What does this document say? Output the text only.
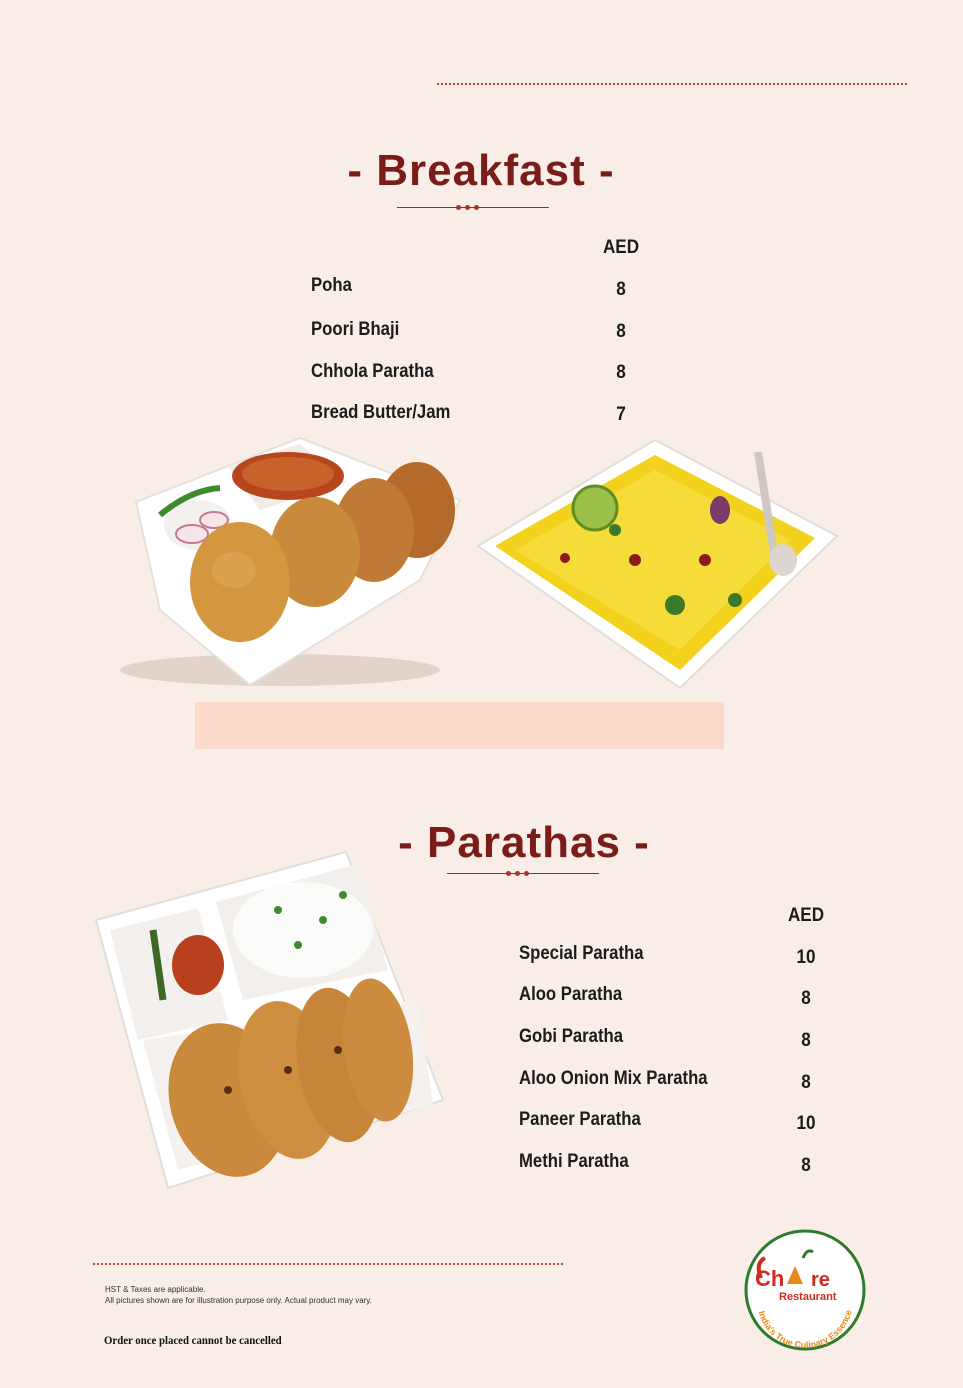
- Breakfast -
AED
Poha	8
Poori Bhaji	8
Chhola Paratha	8
Bread Butter/Jam	7
- Parathas -
AED
Special Paratha	10
Aloo Paratha	8
Gobi Paratha	8
Aloo Onion Mix Paratha	8
Paneer Paratha	10
Methi Paratha	8
HST & Taxes are applicable.
All pictures shown are for illustration purpose only. Actual product may vary.
Order once placed cannot be cancelled
Ch re
Restaurant
India's True Culinary Essence
